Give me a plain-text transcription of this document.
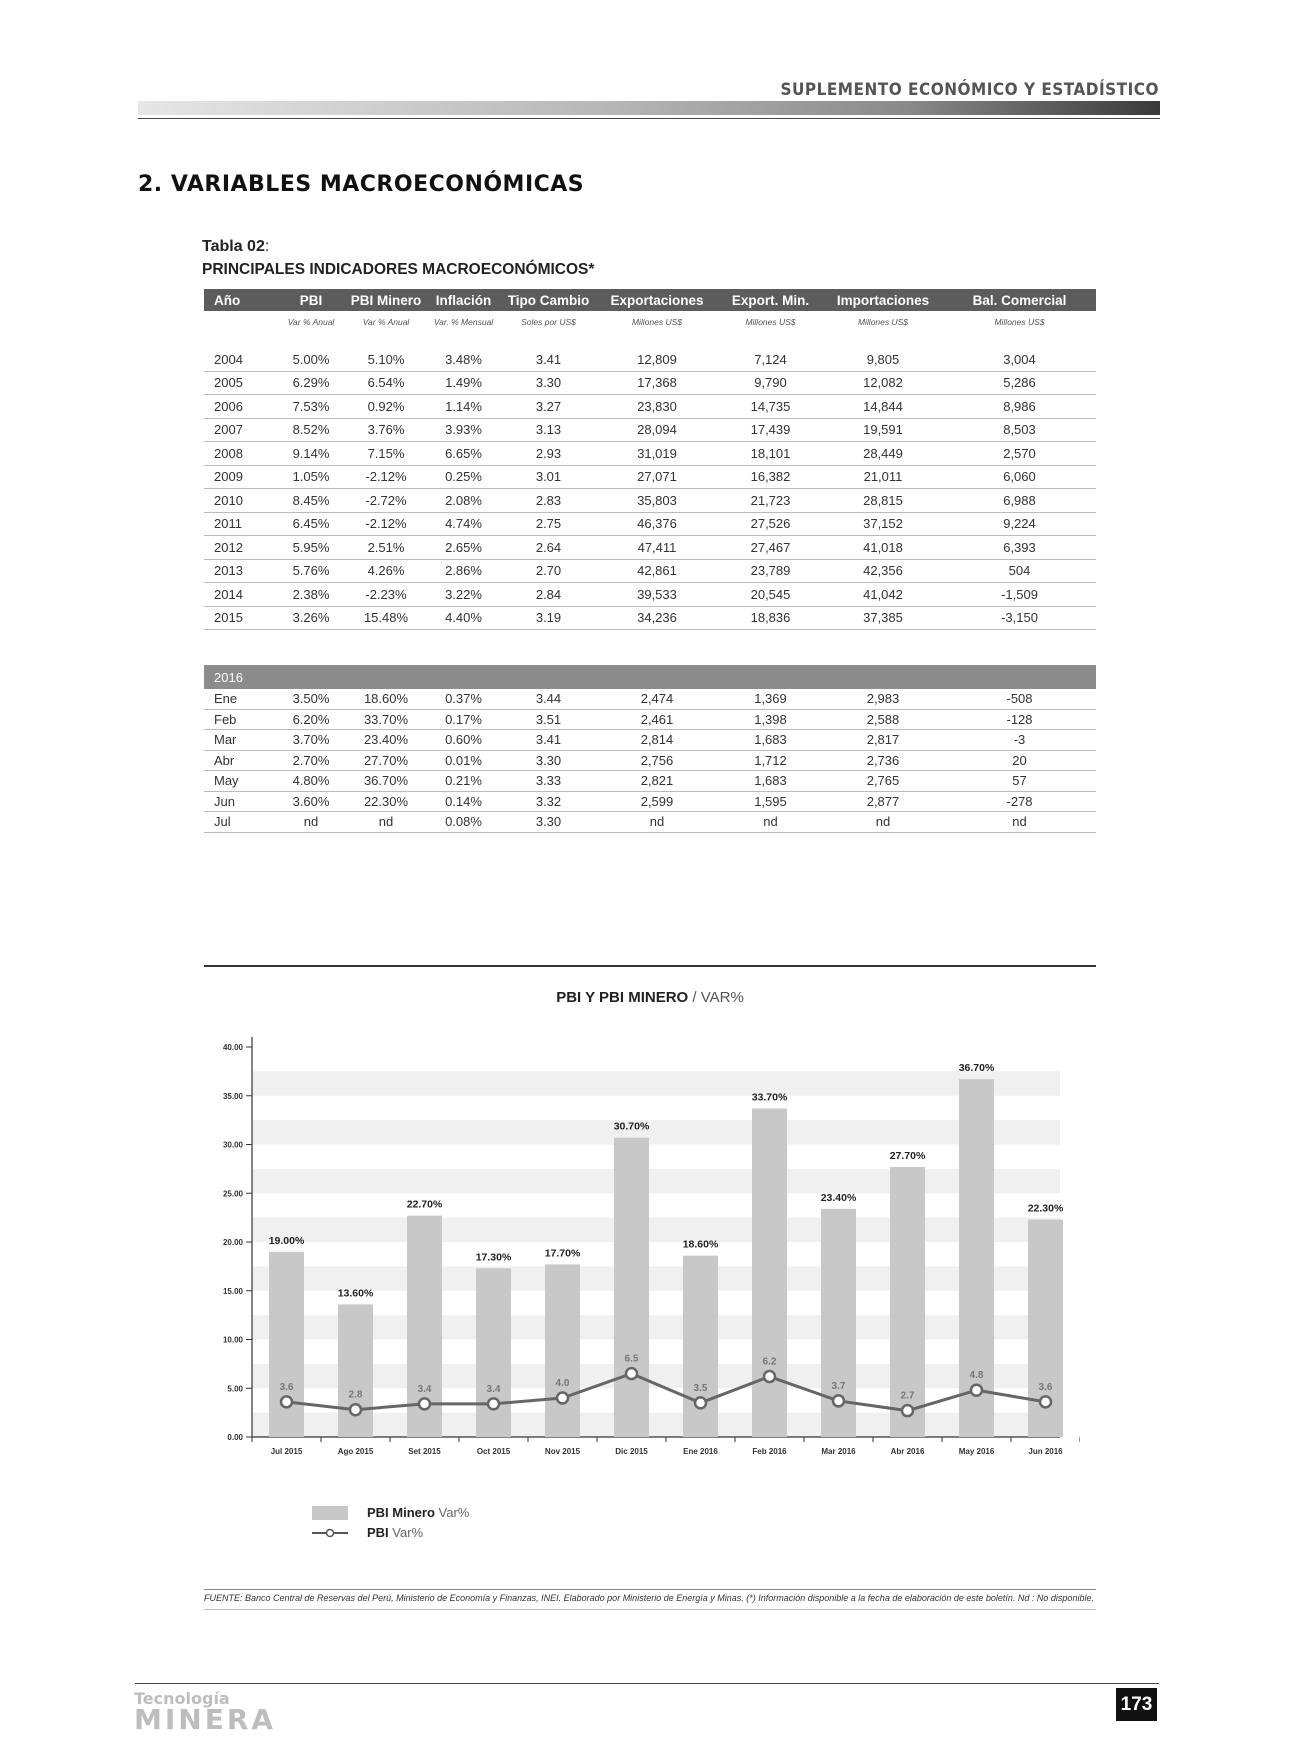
SUPLEMENTO ECONÓMICO Y ESTADÍSTICO
2. VARIABLES MACROECONÓMICAS
Tabla 02:
PRINCIPALES INDICADORES MACROECONÓMICOS*
Año	PBI	PBI Minero	Inflación	Tipo Cambio	Exportaciones	Export. Min.	Importaciones	Bal. Comercial
	Var % Anual	Var % Anual	Var. % Mensual	Soles por US$	Millones US$	Millones US$	Millones US$	Millones US$

2004	5.00%	5.10%	3.48%	3.41	12,809	7,124	9,805	3,004
2005	6.29%	6.54%	1.49%	3.30	17,368	9,790	12,082	5,286
2006	7.53%	0.92%	1.14%	3.27	23,830	14,735	14,844	8,986
2007	8.52%	3.76%	3.93%	3.13	28,094	17,439	19,591	8,503
2008	9.14%	7.15%	6.65%	2.93	31,019	18,101	28,449	2,570
2009	1.05%	-2.12%	0.25%	3.01	27,071	16,382	21,011	6,060
2010	8.45%	-2.72%	2.08%	2.83	35,803	21,723	28,815	6,988
2011	6.45%	-2.12%	4.74%	2.75	46,376	27,526	37,152	9,224
2012	5.95%	2.51%	2.65%	2.64	47,411	27,467	41,018	6,393
2013	5.76%	4.26%	2.86%	2.70	42,861	23,789	42,356	504
2014	2.38%	-2.23%	3.22%	2.84	39,533	20,545	41,042	-1,509
2015	3.26%	15.48%	4.40%	3.19	34,236	18,836	37,385	-3,150

2016								
Ene	3.50%	18.60%	0.37%	3.44	2,474	1,369	2,983	-508
Feb	6.20%	33.70%	0.17%	3.51	2,461	1,398	2,588	-128
Mar	3.70%	23.40%	0.60%	3.41	2,814	1,683	2,817	-3
Abr	2.70%	27.70%	0.01%	3.30	2,756	1,712	2,736	20
May	4.80%	36.70%	0.21%	3.33	2,821	1,683	2,765	57
Jun	3.60%	22.30%	0.14%	3.32	2,599	1,595	2,877	-278
Jul	nd	nd	0.08%	3.30	nd	nd	nd	nd
PBI Y PBI MINERO / VAR%
0.00
5.00
10.00
15.00
20.00
25.00
30.00
35.00
40.00
Jul 2015	Ago 2015	Set 2015	Oct 2015	Nov 2015	Dic 2015	Ene 2016	Feb 2016	Mar 2016	Abr 2016	May 2016	Jun 2016
19.00%
13.60%
22.70%
17.30%	17.70%
30.70%
18.60%
33.70%
23.40%
27.70%
36.70%
22.30%
3.6
2.8
3.4	3.4
4.0
6.5
3.5
6.2
3.7
2.7
4.8
3.6
PBI Minero Var%
PBI Var%
FUENTE: Banco Central de Reservas del Perú, Ministerio de Economía y Finanzas, INEI. Elaborado por Ministerio de Energía y Minas. (*) Información disponible a la fecha de elaboración de este boletín. Nd : No disponible.
Tecnología
MINERA	173
